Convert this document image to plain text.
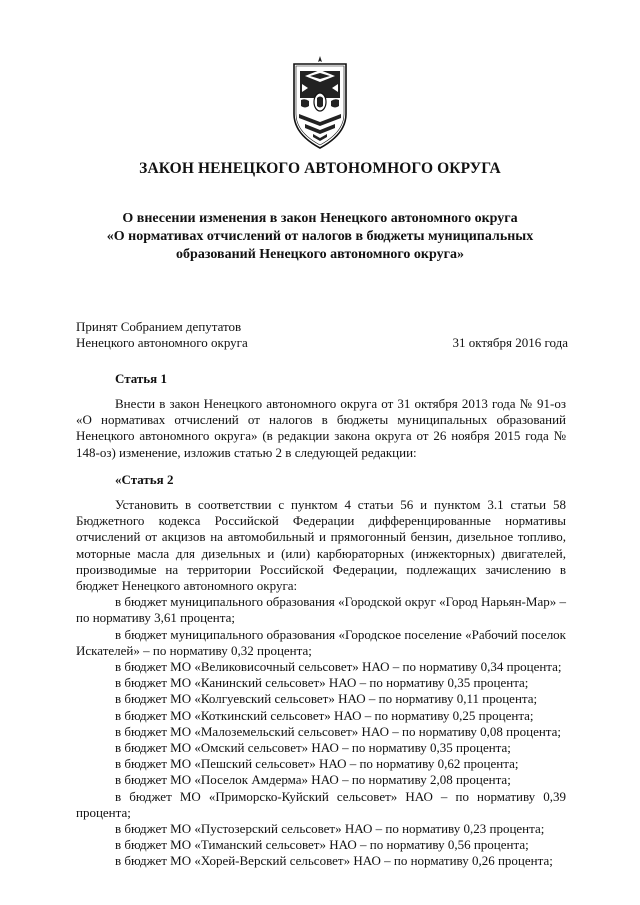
ЗАКОН НЕНЕЦКОГО АВТОНОМНОГО ОКРУГА
О внесении изменения в закон Ненецкого автономного округа
«О нормативах отчислений от налогов в бюджеты муниципальных
образований Ненецкого автономного округа»
Принят Собранием депутатов
Ненецкого автономного округа	31 октября 2016 года
Статья 1

Внести в закон Ненецкого автономного округа от 31 октября 2013 года № 91-оз «О нормативах отчислений от налогов в бюджеты муниципальных образований Ненецкого автономного округа» (в редакции закона округа от 26 ноября 2015 года № 148-оз) изменение, изложив статью 2 в следующей редакции:

«Статья 2

Установить в соответствии с пунктом 4 статьи 56 и пунктом 3.1 статьи 58 Бюджетного кодекса Российской Федерации дифференцированные нормативы отчислений от акцизов на автомобильный и прямогонный бензин, дизельное топливо, моторные масла для дизельных и (или) карбюраторных (инжекторных) двигателей, производимые на территории Российской Федерации, подлежащих зачислению в бюджет Ненецкого автономного округа:

в бюджет муниципального образования «Городской округ «Город Нарьян-Мар» – по нормативу 3,61 процента;

в бюджет муниципального образования «Городское поселение «Рабочий поселок Искателей» – по нормативу 0,32 процента;

в бюджет МО «Великовисочный сельсовет» НАО – по нормативу 0,34 процента;

в бюджет МО «Канинский сельсовет» НАО – по нормативу 0,35 процента;

в бюджет МО «Колгуевский сельсовет» НАО – по нормативу 0,11 процента;

в бюджет МО «Коткинский сельсовет» НАО – по нормативу 0,25 процента;

в бюджет МО «Малоземельский сельсовет» НАО – по нормативу 0,08 процента;

в бюджет МО «Омский сельсовет» НАО – по нормативу 0,35 процента;

в бюджет МО «Пешский сельсовет» НАО – по нормативу 0,62 процента;

в бюджет МО «Поселок Амдерма» НАО – по нормативу 2,08 процента;

в бюджет МО «Приморско-Куйский сельсовет» НАО – по нормативу 0,39

процента;

в бюджет МО «Пустозерский сельсовет» НАО – по нормативу 0,23 процента;

в бюджет МО «Тиманский сельсовет» НАО – по нормативу 0,56 процента;

в бюджет МО «Хорей-Верский сельсовет» НАО – по нормативу 0,26 процента;
